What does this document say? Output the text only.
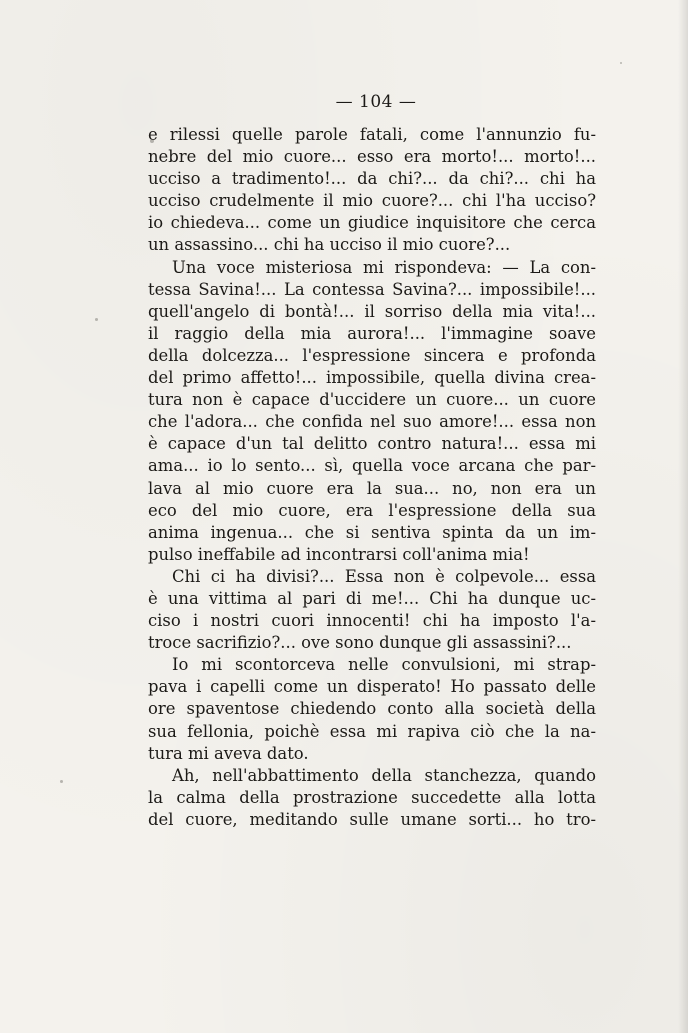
— 104 —
e rilessi quelle parole fatali, come l'annunzio fu-
nebre del mio cuore... esso era morto!... morto!...
ucciso a tradimento!... da chi?... da chi?... chi ha
ucciso crudelmente il mio cuore?... chi l'ha ucciso?
io chiedeva... come un giudice inquisitore che cerca
un assassino... chi ha ucciso il mio cuore?...
Una voce misteriosa mi rispondeva: — La con-
tessa Savina!... La contessa Savina?... impossibile!...
quell'angelo di bontà!... il sorriso della mia vita!...
il raggio della mia aurora!... l'immagine soave
della dolcezza... l'espressione sincera e profonda
del primo affetto!... impossibile, quella divina crea-
tura non è capace d'uccidere un cuore... un cuore
che l'adora... che confida nel suo amore!... essa non
è capace d'un tal delitto contro natura!... essa mi
ama... io lo sento... sì, quella voce arcana che par-
lava al mio cuore era la sua... no, non era un
eco del mio cuore, era l'espressione della sua
anima ingenua... che si sentiva spinta da un im-
pulso ineffabile ad incontrarsi coll'anima mia!
Chi ci ha divisi?... Essa non è colpevole... essa
è una vittima al pari di me!... Chi ha dunque uc-
ciso i nostri cuori innocenti! chi ha imposto l'a-
troce sacrifizio?... ove sono dunque gli assassini?...
Io mi scontorceva nelle convulsioni, mi strap-
pava i capelli come un disperato! Ho passato delle
ore spaventose chiedendo conto alla società della
sua fellonia, poichè essa mi rapiva ciò che la na-
tura mi aveva dato.
Ah, nell'abbattimento della stanchezza, quando
la calma della prostrazione succedette alla lotta
del cuore, meditando sulle umane sorti... ho tro-
